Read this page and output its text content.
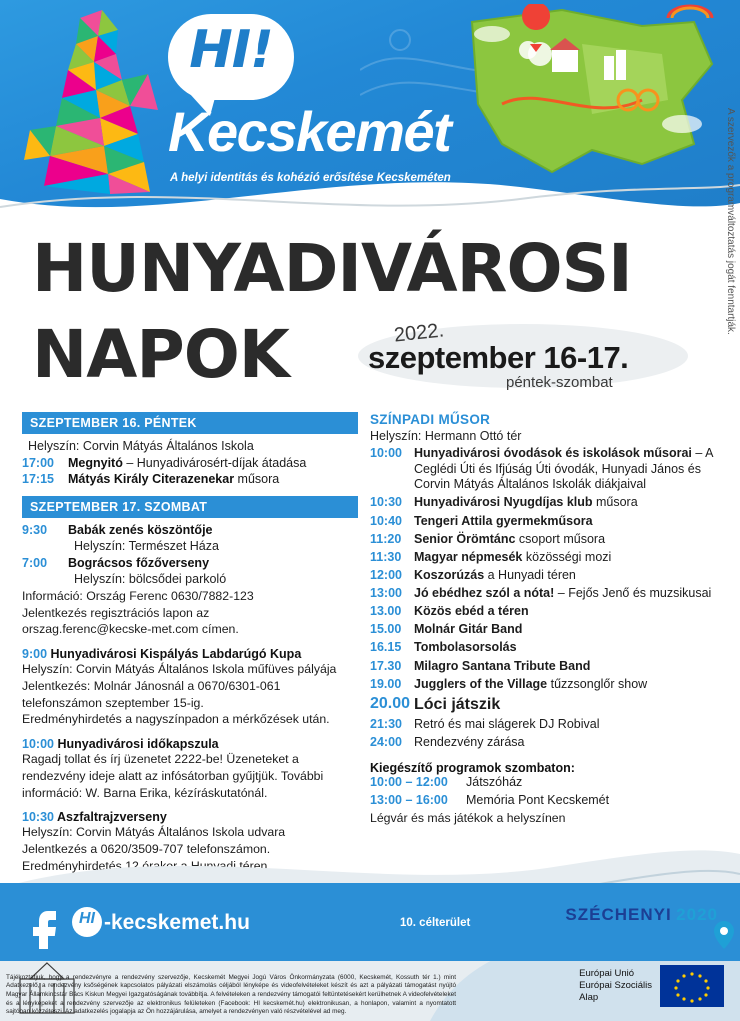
HI!
Kecskemét
A helyi identitás és kohézió erősítése Kecskeméten
HUNYADIVÁROSI
NAPOK	2022.
szeptember 16-17.
péntek-szombat
SZEPTEMBER 16. PÉNTEK
Helyszín: Corvin Mátyás Általános Iskola
17:00	Megnyitó – Hunyadivárosért-díjak átadása
17:15	Mátyás Király Citerazenekar műsora
SZEPTEMBER 17. SZOMBAT
9:30	Babák zenés köszöntője
Helyszín: Természet Háza
7:00	Bográcsos főzőverseny
Helyszín: bölcsődei parkoló
Információ: Ország Ferenc 0630/7882-123
Jelentkezés regisztrációs lapon az
orszag.ferenc@kecske-met.com címen.
9:00 Hunyadivárosi Kispályás Labdarúgó Kupa
Helyszín: Corvin Mátyás Általános Iskola műfüves pályája
Jelentkezés: Molnár Jánosnál a 0670/6301-061
telefonszámon szeptember 15-ig.
Eredményhirdetés a nagyszínpadon a mérkőzések után.
10:00 Hunyadivárosi időkapszula
Ragadj tollat és írj üzenetet 2222-be! Üzeneteket a
rendezvény ideje alatt az infósátorban gyűjtjük. További
információ: W. Barna Erika, kézíráskutatónál.
10:30 Aszfaltrajzverseny
Helyszín: Corvin Mátyás Általános Iskola udvara
Jelentkezés a 0620/3509-707 telefonszámon.
Eredményhirdetés 12 órakor a Hunyadi téren.
SZÍNPADI MŰSOR
Helyszín: Hermann Ottó tér
10:00 Hunyadivárosi óvodások és iskolások műsorai – A Ceglédi Úti és Ifjúság Úti óvodák, Hunyadi János és Corvin Mátyás Általános Iskolák diákjaival
10:30 Hunyadivárosi Nyugdíjas klub műsora
10:40 Tengeri Attila gyermekműsora
11:20	Senior Örömtánc csoport műsora
11:30	Magyar népmesék közösségi mozi
12:00 Koszorúzás a Hunyadi téren
13:00 Jó ebédhez szól a nóta! – Fejős Jenő és muzsikusai
13.00	Közös ebéd a téren
15.00	Molnár Gitár Band
16.15	Tombolasorsolás
17.30	Milagro Santana Tribute Band
19.00	Jugglers of the Village tűzzsonglőr show
20.00 Lóci játszik
21:30 Retró és mai slágerek DJ Robival
24:00 Rendezvény zárása
Kiegészítő programok szombaton:
10:00 – 12:00	Játszóház
13:00 – 16:00	Memória Pont Kecskemét
Légvár és más játékok a helyszínen
A szervezők a programváltoztatás jogát fenntartják.
HI -kecskemet.hu	10. célterület	SZÉCHENYI 2020
Európai Unió
Európai Szociális
Alap
Tájékoztatjuk, hogy a rendezvényre a rendezvény szervezője, Kecskemét Megyei Jogú Város Önkormányzata (6000, Kecskemét, Kossuth tér 1.) mint Adatkezelő, a rendezvény ksőségének kapcsolatos pályázati elszámolás céljából lényképe és videofelvételeket készít és azt a pályázati támogatást nyújtó Magyar Államkincstár Bács Kiskun Megyei Igazgatóságának továbbítja. A felvételeken a rendezvény támogatói feltüntetésekért kerülhetnek A videofelvételeket és a lényképeket a rendezvény szervezője az elektronikus felületeken (Facebook: HI kecskemét.hu) elektronikusan, a honlapon, valamint a nyomtatott sajtóban közzéteszi. Az adatkezelés jogalapja az Ön hozzájárulása, amelyet a rendezvényen való részvételével ad meg.
